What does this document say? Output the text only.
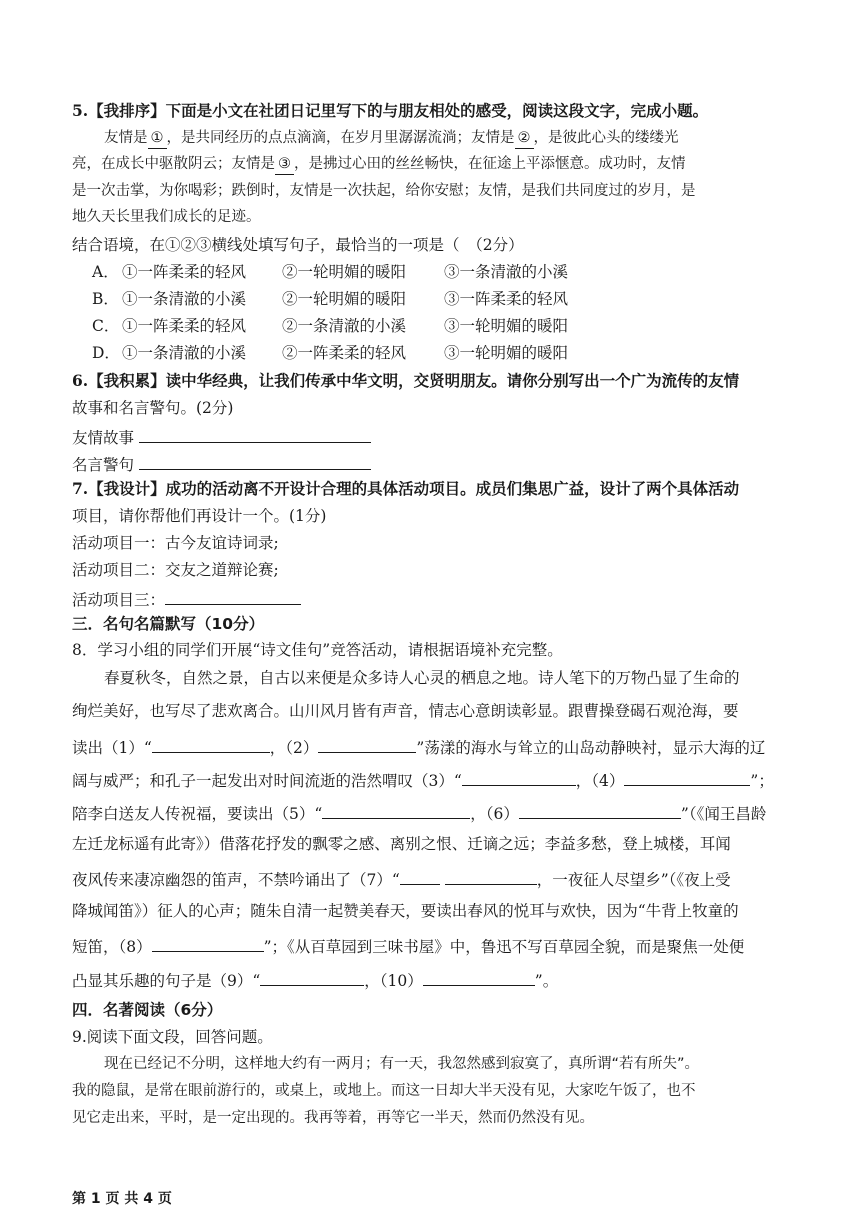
5.【我排序】下面是小文在社团日记里写下的与朋友相处的感受，阅读这段文字，完成小题。
友情是 ① ，是共同经历的点点滴滴，在岁月里潺潺流淌；友情是 ② ，是彼此心头的缕缕光
亮，在成长中驱散阴云；友情是 ③ ，是拂过心田的丝丝畅快，在征途上平添惬意。成功时，友情
是一次击掌，为你喝彩；跌倒时，友情是一次扶起，给你安慰；友情，是我们共同度过的岁月，是
地久天长里我们成长的足迹。
结合语境，在①②③横线处填写句子，最恰当的一项是（　（2分）
A． ①一阵柔柔的轻风 ②一轮明媚的暖阳 ③一条清澈的小溪
B． ①一条清澈的小溪 ②一轮明媚的暖阳 ③一阵柔柔的轻风
C． ①一阵柔柔的轻风 ②一条清澈的小溪 ③一轮明媚的暖阳
D． ①一条清澈的小溪 ②一阵柔柔的轻风 ③一轮明媚的暖阳
6.【我积累】读中华经典，让我们传承中华文明，交贤明朋友。请你分别写出一个广为流传的友情
故事和名言警句。(2分)
友情故事
名言警句
7.【我设计】成功的活动离不开设计合理的具体活动项目。成员们集思广益，设计了两个具体活动
项目，请你帮他们再设计一个。(1分)
活动项目一：古今友谊诗词录;
活动项目二：交友之道辩论赛;
活动项目三：
三．名句名篇默写（10分）
8．学习小组的同学们开展“诗文佳句”竞答活动，请根据语境补充完整。
春夏秋冬，自然之景，自古以来便是众多诗人心灵的栖息之地。诗人笔下的万物凸显了生命的
绚烂美好，也写尽了悲欢离合。山川风月皆有声音，情志心意朗读彰显。跟曹操登碣石观沧海，要
读出（1）“	，（2）	”荡漾的海水与耸立的山岛动静映衬，显示大海的辽
阔与威严；和孔子一起发出对时间流逝的浩然喟叹（3）“	，（4）	”；
陪李白送友人传祝福，要读出（5）“	，（6）	”（《闻王昌龄
左迁龙标遥有此寄》）借落花抒发的飘零之感、离别之恨、迁谪之远；李益多愁，登上城楼，耳闻
夜风传来凄凉幽怨的笛声，不禁吟诵出了（7）“	，一夜征人尽望乡”（《夜上受
降城闻笛》）征人的心声；随朱自清一起赞美春天，要读出春风的悦耳与欢快，因为“牛背上牧童的
短笛，（8）	”；《从百草园到三味书屋》中，鲁迅不写百草园全貌，而是聚焦一处便
凸显其乐趣的句子是（9）“	，（10）	”。
四．名著阅读（6分）
9.阅读下面文段，回答问题。
现在已经记不分明，这样地大约有一两月；有一天，我忽然感到寂寞了，真所谓“若有所失”。
我的隐鼠，是常在眼前游行的，或桌上，或地上。而这一日却大半天没有见，大家吃午饭了，也不
见它走出来，平时，是一定出现的。我再等着，再等它一半天，然而仍然没有见。
第 1 页 共 4 页
